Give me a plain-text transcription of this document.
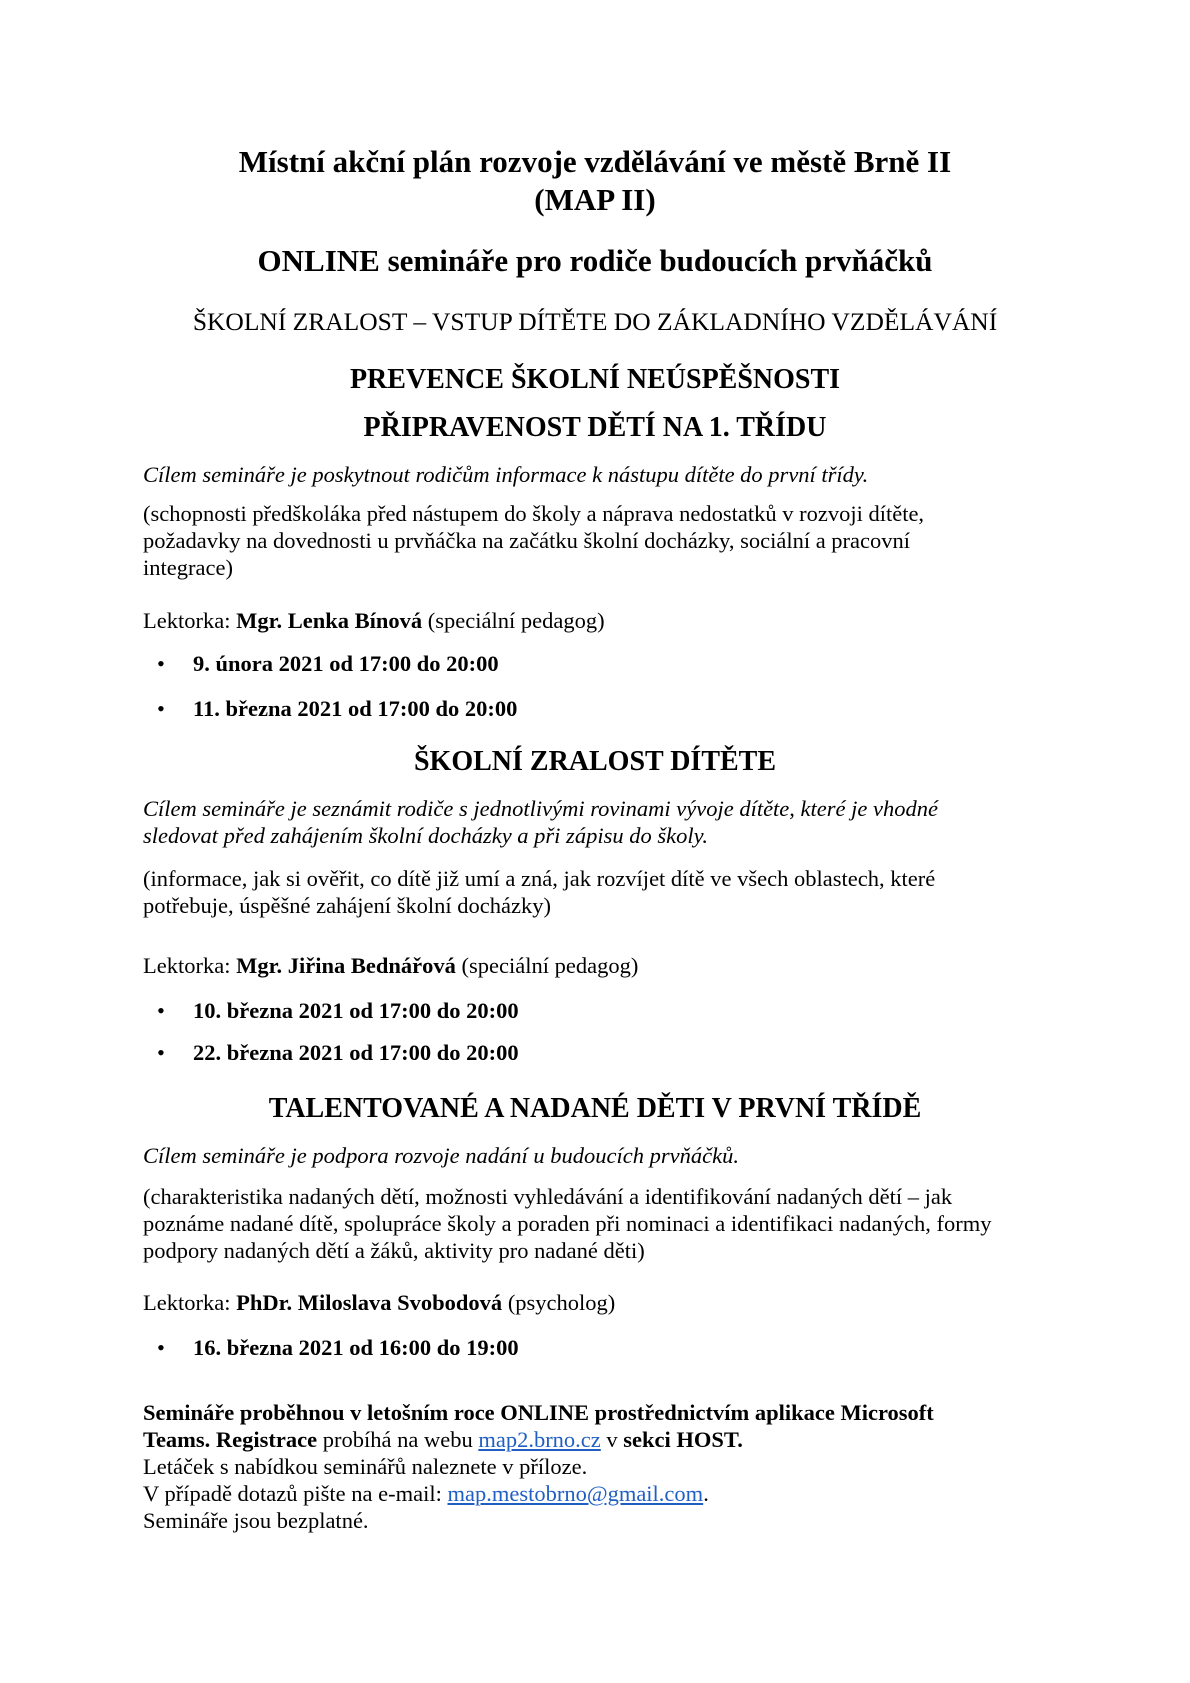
Místní akční plán rozvoje vzdělávání ve městě Brně II
(MAP II)
ONLINE semináře pro rodiče budoucích prvňáčků
ŠKOLNÍ ZRALOST – VSTUP DÍTĚTE DO ZÁKLADNÍHO VZDĚLÁVÁNÍ
PREVENCE ŠKOLNÍ NEÚSPĚŠNOSTI
PŘIPRAVENOST DĚTÍ NA 1. TŘÍDU
Cílem semináře je poskytnout rodičům informace k nástupu dítěte do první třídy.
(schopnosti předškoláka před nástupem do školy a náprava nedostatků v rozvoji dítěte,
požadavky na dovednosti u prvňáčka na začátku školní docházky, sociální a pracovní
integrace)
Lektorka: Mgr. Lenka Bínová (speciální pedagog)
• 9. února 2021 od 17:00 do 20:00
• 11. března 2021 od 17:00 do 20:00
ŠKOLNÍ ZRALOST DÍTĚTE
Cílem semináře je seznámit rodiče s jednotlivými rovinami vývoje dítěte, které je vhodné
sledovat před zahájením školní docházky a při zápisu do školy.
(informace, jak si ověřit, co dítě již umí a zná, jak rozvíjet dítě ve všech oblastech, které
potřebuje, úspěšné zahájení školní docházky)
Lektorka: Mgr. Jiřina Bednářová (speciální pedagog)
• 10. března 2021 od 17:00 do 20:00
• 22. března 2021 od 17:00 do 20:00
TALENTOVANÉ A NADANÉ DĚTI V PRVNÍ TŘÍDĚ
Cílem semináře je podpora rozvoje nadání u budoucích prvňáčků.
(charakteristika nadaných dětí, možnosti vyhledávání a identifikování nadaných dětí – jak
poznáme nadané dítě, spolupráce školy a poraden při nominaci a identifikaci nadaných, formy
podpory nadaných dětí a žáků, aktivity pro nadané děti)
Lektorka: PhDr. Miloslava Svobodová (psycholog)
• 16. března 2021 od 16:00 do 19:00
Semináře proběhnou v letošním roce ONLINE prostřednictvím aplikace Microsoft
Teams. Registrace probíhá na webu map2.brno.cz v sekci HOST.
Letáček s nabídkou seminářů naleznete v příloze.
V případě dotazů pište na e-mail: map.mestobrno@gmail.com.
Semináře jsou bezplatné.
